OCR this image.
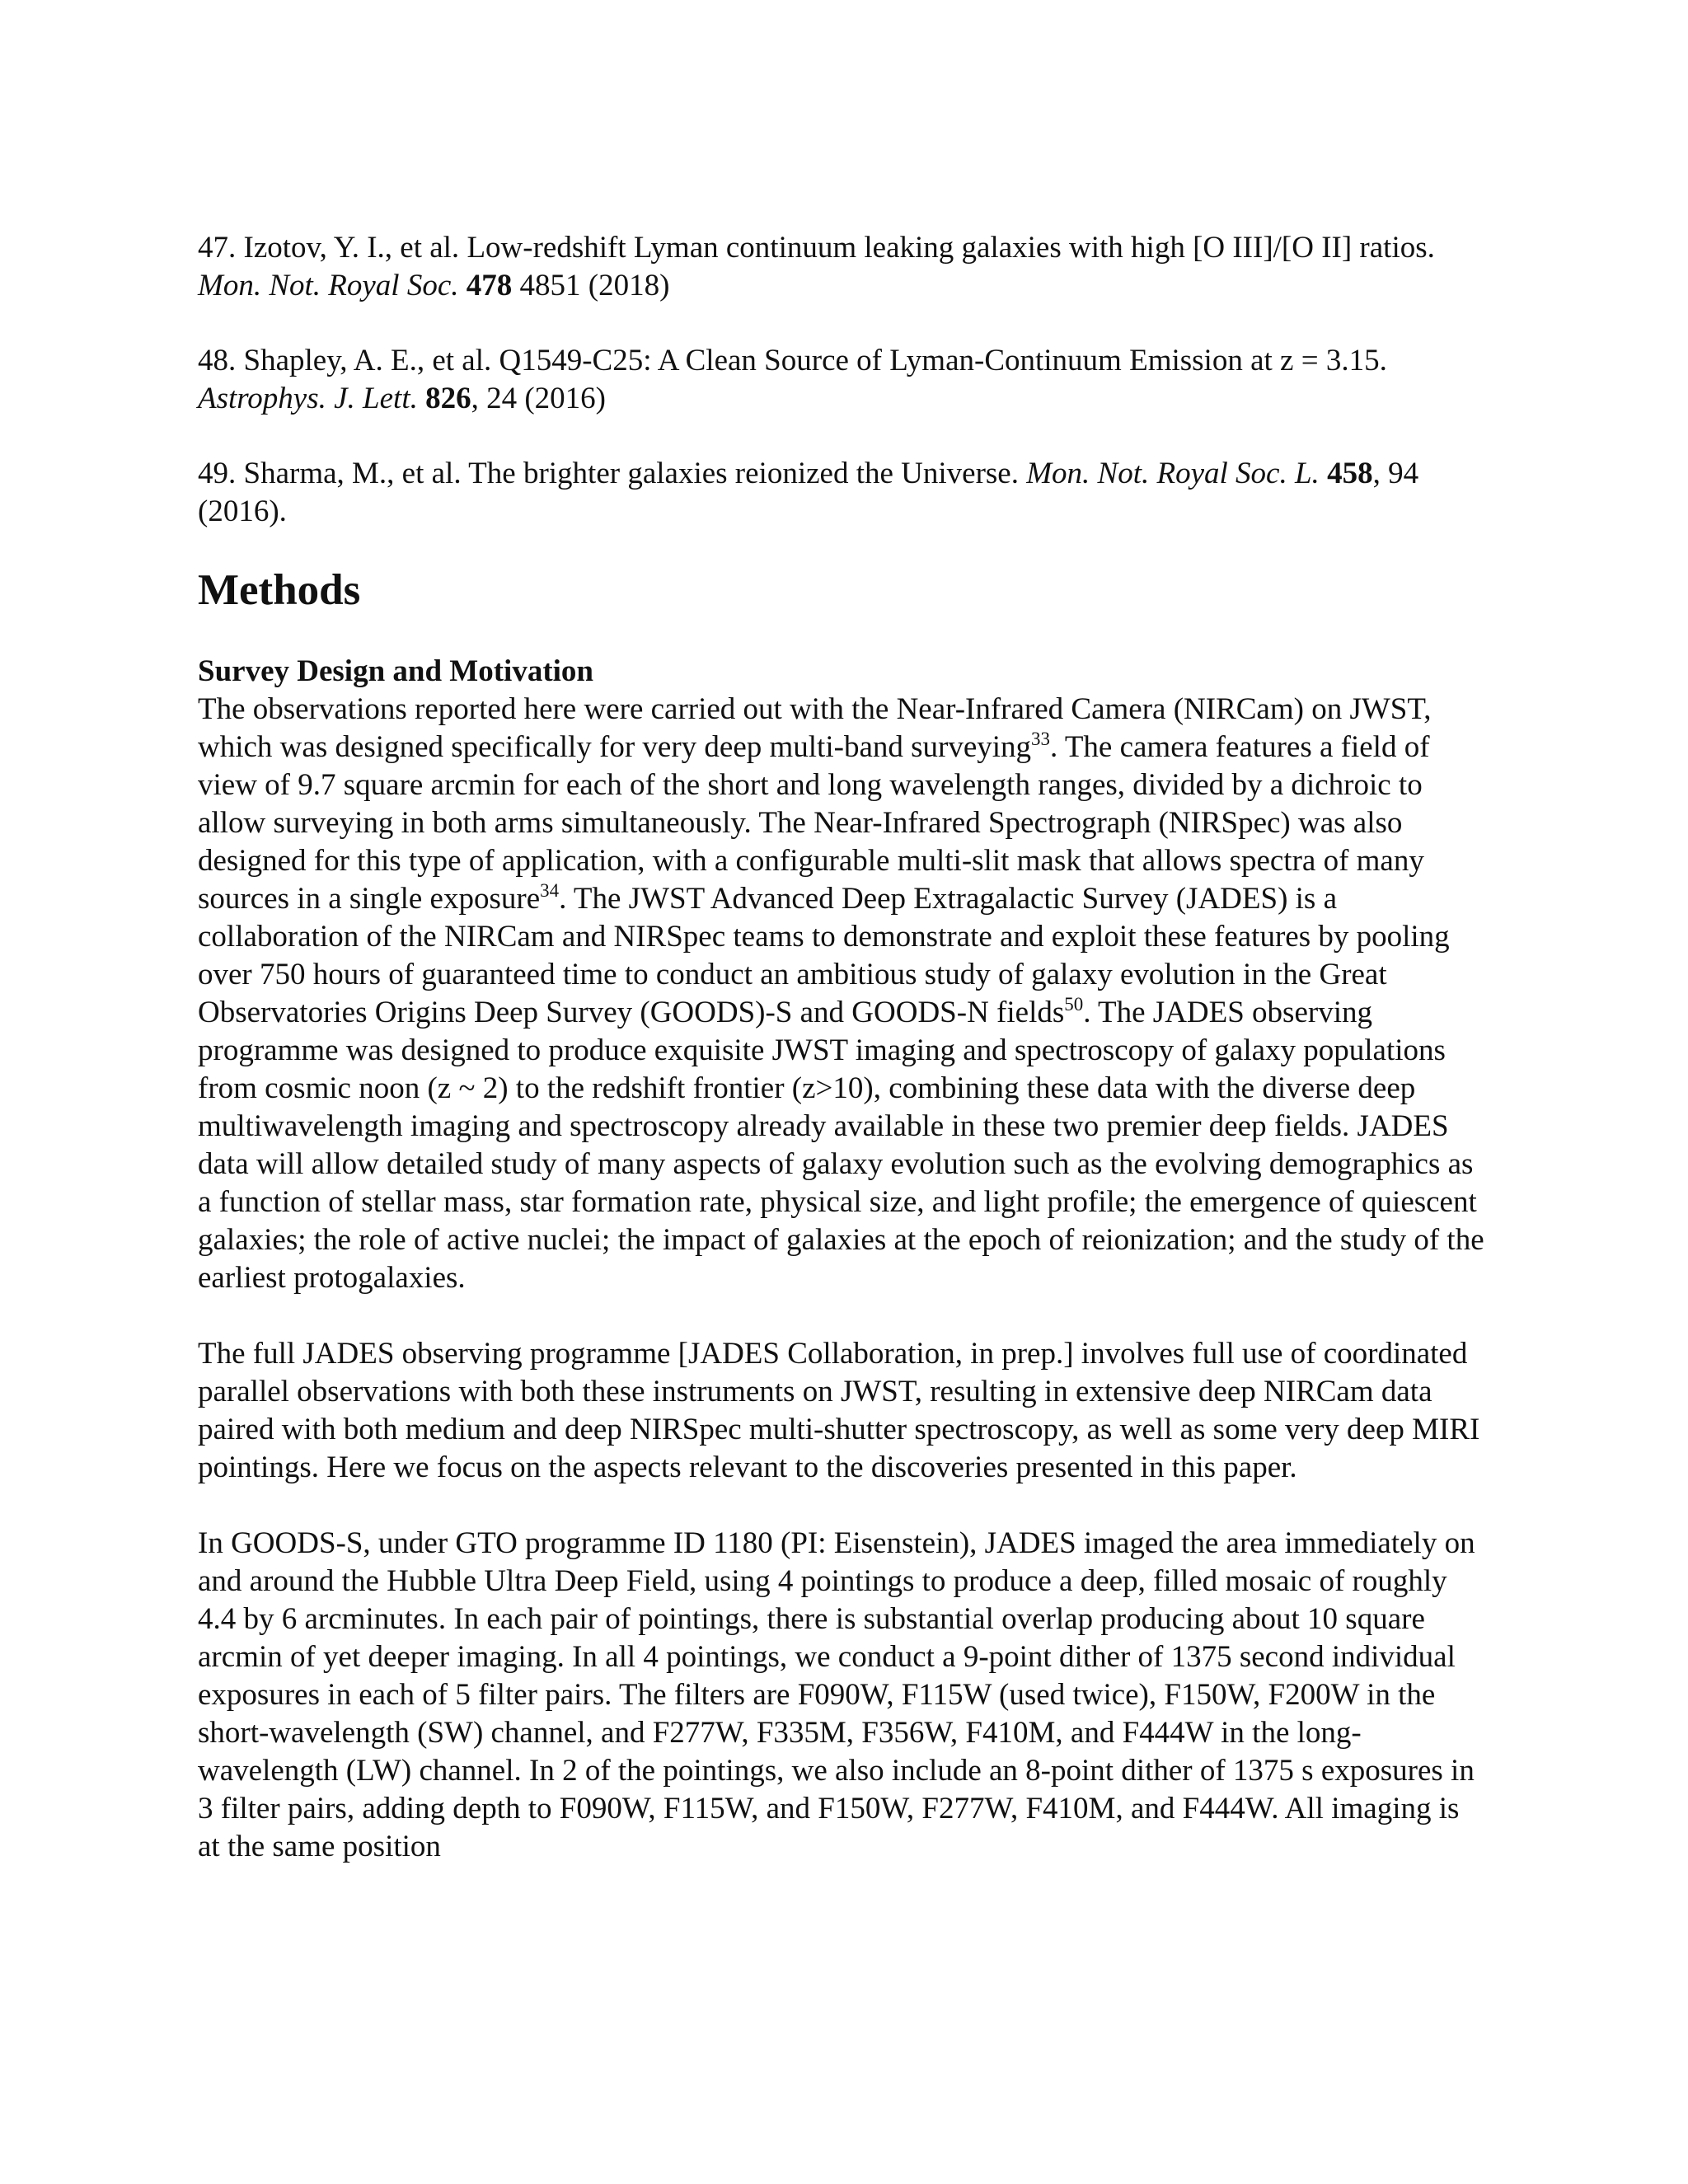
47. Izotov, Y. I., et al. Low-redshift Lyman continuum leaking galaxies with high [O III]/[O II] ratios. Mon. Not. Royal Soc. 478 4851 (2018)

48. Shapley, A. E., et al. Q1549-C25: A Clean Source of Lyman-Continuum Emission at z = 3.15. Astrophys. J. Lett. 826, 24 (2016)

49. Sharma, M., et al. The brighter galaxies reionized the Universe. Mon. Not. Royal Soc. L. 458, 94 (2016).

Methods
Survey Design and Motivation

The observations reported here were carried out with the Near-Infrared Camera (NIRCam) on JWST, which was designed specifically for very deep multi-band surveying$^{33}$. The camera features a field of view of 9.7 square arcmin for each of the short and long wavelength ranges, divided by a dichroic to allow surveying in both arms simultaneously. The Near-Infrared Spectrograph (NIRSpec) was also designed for this type of application, with a configurable multi-slit mask that allows spectra of many sources in a single exposure$^{34}$. The JWST Advanced Deep Extragalactic Survey (JADES) is a collaboration of the NIRCam and NIRSpec teams to demonstrate and exploit these features by pooling over 750 hours of guaranteed time to conduct an ambitious study of galaxy evolution in the Great Observatories Origins Deep Survey (GOODS)-S and GOODS-N fields$^{50}$. The JADES observing programme was designed to produce exquisite JWST imaging and spectroscopy of galaxy populations from cosmic noon (z ~ 2) to the redshift frontier (z>10), combining these data with the diverse deep multiwavelength imaging and spectroscopy already available in these two premier deep fields. JADES data will allow detailed study of many aspects of galaxy evolution such as the evolving demographics as a function of stellar mass, star formation rate, physical size, and light profile; the emergence of quiescent galaxies; the role of active nuclei; the impact of galaxies at the epoch of reionization; and the study of the earliest protogalaxies.

The full JADES observing programme [JADES Collaboration, in prep.] involves full use of coordinated parallel observations with both these instruments on JWST, resulting in extensive deep NIRCam data paired with both medium and deep NIRSpec multi-shutter spectroscopy, as well as some very deep MIRI pointings. Here we focus on the aspects relevant to the discoveries presented in this paper.

In GOODS-S, under GTO programme ID 1180 (PI: Eisenstein), JADES imaged the area immediately on and around the Hubble Ultra Deep Field, using 4 pointings to produce a deep, filled mosaic of roughly 4.4 by 6 arcminutes. In each pair of pointings, there is substantial overlap producing about 10 square arcmin of yet deeper imaging. In all 4 pointings, we conduct a 9-point dither of 1375 second individual exposures in each of 5 filter pairs. The filters are F090W, F115W (used twice), F150W, F200W in the short-wavelength (SW) channel, and F277W, F335M, F356W, F410M, and F444W in the long-wavelength (LW) channel. In 2 of the pointings, we also include an 8-point dither of 1375 s exposures in 3 filter pairs, adding depth to F090W, F115W, and F150W, F277W, F410M, and F444W. All imaging is at the same position
